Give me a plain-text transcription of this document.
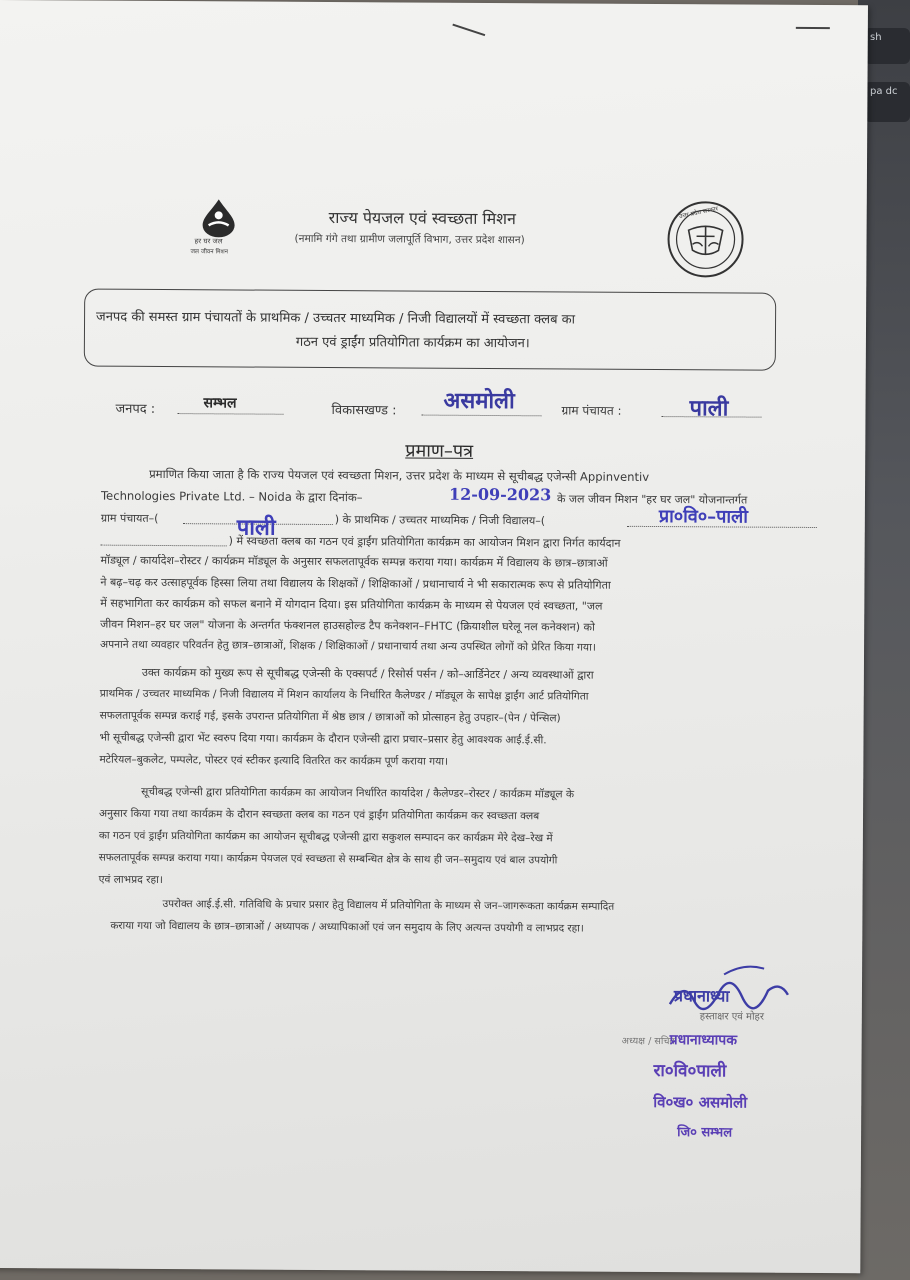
sh
pa dc
हर घर जल
जल जीवन मिशन
राज्य पेयजल एवं स्वच्छता मिशन
(नमामि गंगे तथा ग्रामीण जलापूर्ति विभाग, उत्तर प्रदेश शासन)
उत्तर प्रदेश सरकार
जनपद की समस्त ग्राम पंचायतों के प्राथमिक / उच्चतर माध्यमिक / निजी विद्यालयों में स्वच्छता क्लब का
गठन एवं ड्राईंग प्रतियोगिता कार्यक्रम का आयोजन।
जनपद :	सम्भल	विकासखण्ड : असमोली	ग्राम पंचायत :	पाली
प्रमाण–पत्र
प्रमाणित किया जाता है कि राज्य पेयजल एवं स्वच्छता मिशन, उत्तर प्रदेश के माध्यम से सूचीबद्ध एजेन्सी Appinventiv
Technologies Private Ltd. – Noida के द्वारा दिनांक–	12-09-2023 के जल जीवन मिशन "हर घर जल" योजनान्तर्गत
ग्राम पंचायत–(	पाली	) के प्राथमिक / उच्चतर माध्यमिक / निजी विद्यालय–(	प्रा०वि०–पाली
) में स्वच्छता क्लब का गठन एवं ड्राईंग प्रतियोगिता कार्यक्रम का आयोजन मिशन द्वारा निर्गत कार्यदान
मॉड्यूल / कार्यादेश–रोस्टर / कार्यक्रम मॉड्यूल के अनुसार सफलतापूर्वक सम्पन्न कराया गया। कार्यक्रम में विद्यालय के छात्र–छात्राओं
ने बढ़–चढ़ कर उत्साहपूर्वक हिस्सा लिया तथा विद्यालय के शिक्षकों / शिक्षिकाओं / प्रधानाचार्य ने भी सकारात्मक रूप से प्रतियोगिता
में सहभागिता कर कार्यक्रम को सफल बनाने में योगदान दिया। इस प्रतियोगिता कार्यक्रम के माध्यम से पेयजल एवं स्वच्छता, "जल
जीवन मिशन–हर घर जल" योजना के अन्तर्गत फंक्शनल हाउसहोल्ड टैप कनेक्शन–FHTC (क्रियाशील घरेलू नल कनेक्शन) को
अपनाने तथा व्यवहार परिवर्तन हेतु छात्र–छात्राओं, शिक्षक / शिक्षिकाओं / प्रधानाचार्य तथा अन्य उपस्थित लोगों को प्रेरित किया गया।
उक्त कार्यक्रम को मुख्य रूप से सूचीबद्ध एजेन्सी के एक्सपर्ट / रिसोर्स पर्सन / को–आर्डिनेटर / अन्य व्यवस्थाओं द्वारा
प्राथमिक / उच्चतर माध्यमिक / निजी विद्यालय में मिशन कार्यालय के निर्धारित कैलेण्डर / मॉड्यूल के सापेक्ष ड्राईंग आर्ट प्रतियोगिता
सफलतापूर्वक सम्पन्न कराई गई, इसके उपरान्त प्रतियोगिता में श्रेष्ठ छात्र / छात्राओं को प्रोत्साहन हेतु उपहार–(पेन / पेन्सिल)
भी सूचीबद्ध एजेन्सी द्वारा भेंट स्वरुप दिया गया। कार्यक्रम के दौरान एजेन्सी द्वारा प्रचार–प्रसार हेतु आवश्यक आई.ई.सी.
मटेरियल–बुकलेट, पम्पलेट, पोस्टर एवं स्टीकर इत्यादि वितरित कर कार्यक्रम पूर्ण कराया गया।
सूचीबद्ध एजेन्सी द्वारा प्रतियोगिता कार्यक्रम का आयोजन निर्धारित कार्यादेश / कैलेण्डर–रोस्टर / कार्यक्रम मॉड्यूल के
अनुसार किया गया तथा कार्यक्रम के दौरान स्वच्छता क्लब का गठन एवं ड्राईंग प्रतियोगिता कार्यक्रम कर स्वच्छता क्लब
का गठन एवं ड्राईंग प्रतियोगिता कार्यक्रम का आयोजन सूचीबद्ध एजेन्सी द्वारा सकुशल सम्पादन कर कार्यक्रम मेरे देख–रेख में
सफलतापूर्वक सम्पन्न कराया गया। कार्यक्रम पेयजल एवं स्वच्छता से सम्बन्धित क्षेत्र के साथ ही जन–समुदाय एवं बाल उपयोगी
एवं लाभप्रद रहा।
उपरोक्त आई.ई.सी. गतिविधि के प्रचार प्रसार हेतु विद्यालय में प्रतियोगिता के माध्यम से जन–जागरूकता कार्यक्रम सम्पादित
कराया गया जो विद्यालय के छात्र–छात्राओं / अध्यापक / अध्यापिकाओं एवं जन समुदाय के लिए अत्यन्त उपयोगी व लाभप्रद रहा।
प्रधानाध्या
हस्ताक्षर एवं मोहर
अध्यक्ष / सचिव
प्रधानाध्यापक
रा०वि०पाली
वि०ख० असमोली
जि० सम्भल
